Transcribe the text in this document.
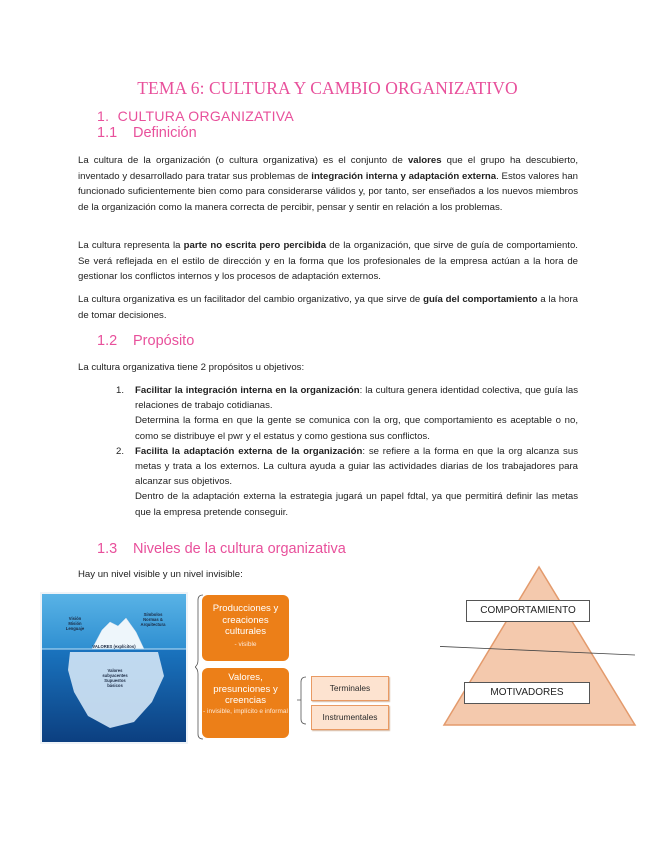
TEMA 6: CULTURA Y CAMBIO ORGANIZATIVO
1. CULTURA ORGANIZATIVA
1.1 Definición
La cultura de la organización (o cultura organizativa) es el conjunto de valores que el grupo ha descubierto, inventado y desarrollado para tratar sus problemas de integración interna y adaptación externa. Estos valores han funcionado suficientemente bien como para considerarse válidos y, por tanto, ser enseñados a los nuevos miembros de la organización como la manera correcta de percibir, pensar y sentir en relación a los problemas.
La cultura representa la parte no escrita pero percibida de la organización, que sirve de guía de comportamiento. Se verá reflejada en el estilo de dirección y en la forma que los profesionales de la empresa actúan a la hora de gestionar los conflictos internos y los procesos de adaptación externos.
La cultura organizativa es un facilitador del cambio organizativo, ya que sirve de guía del comportamiento a la hora de tomar decisiones.
1.2 Propósito
La cultura organizativa tiene 2 propósitos u objetivos:
1. Facilitar la integración interna en la organización: la cultura genera identidad colectiva, que guía las relaciones de trabajo cotidianas.
Determina la forma en que la gente se comunica con la org, que comportamiento es aceptable o no, como se distribuye el pwr y el estatus y como gestiona sus conflictos.
2. Facilita la adaptación externa de la organización: se refiere a la forma en que la org alcanza sus metas y trata a los externos. La cultura ayuda a guiar las actividades diarias de los trabajadores para alcanzar sus objetivos.
Dentro de la adaptación externa la estrategia jugará un papel fdtal, ya que permitirá definir las metas que la empresa pretende conseguir.
1.3 Niveles de la cultura organizativa
Hay un nivel visible y un nivel invisible:
Visión
Misión
Lenguaje
Símbolos
Normas &
Arquitectura
VALORES (explícitos)
Valores
subyacentes
Supuestos
básicos
Producciones y creaciones culturales
- visible
Valores, presunciones y creencias
- invisible, implícito e informal
Terminales
Instrumentales
COMPORTAMIENTO
MOTIVADORES
